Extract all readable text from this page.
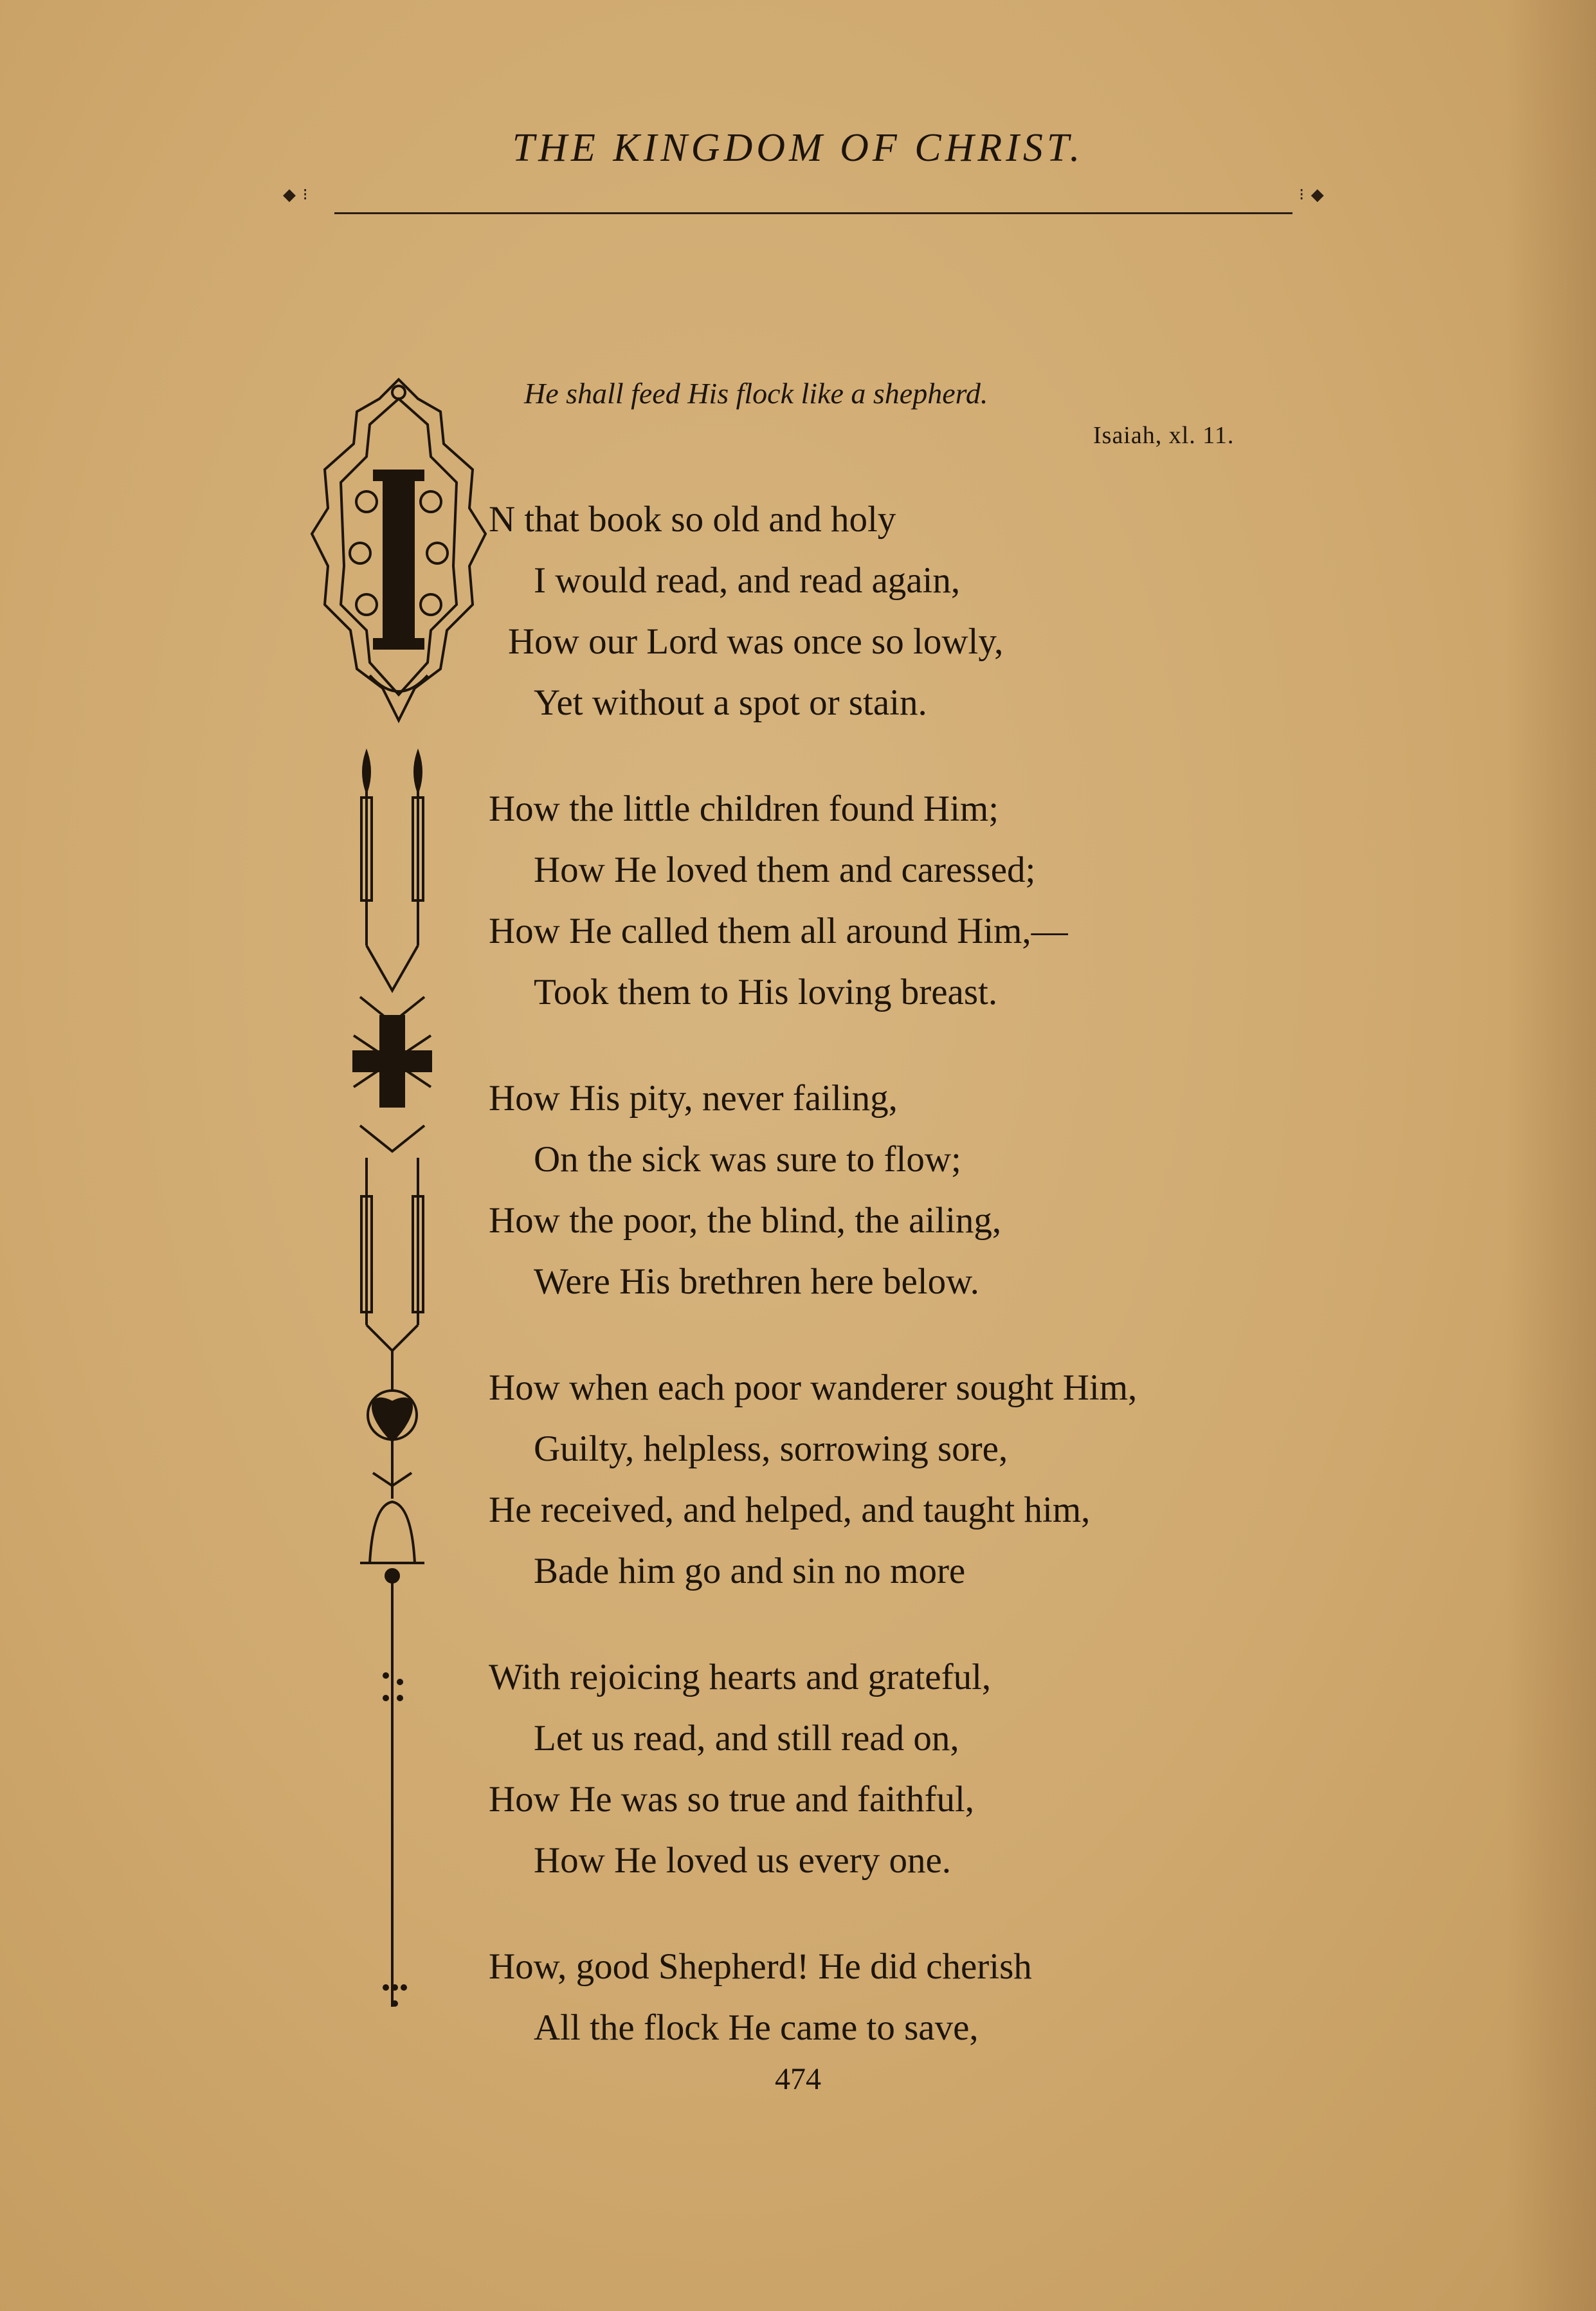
THE KINGDOM OF CHRIST.
◆ ⁝	⁝ ◆
He shall feed His flock like a shepherd.
Isaiah, xl. 11.
N that book so old and holy
I would read, and read again,
How our Lord was once so lowly,
Yet without a spot or stain.
How the little children found Him;
How He loved them and caressed;
How He called them all around Him,—
Took them to His loving breast.
How His pity, never failing,
On the sick was sure to flow;
How the poor, the blind, the ailing,
Were His brethren here below.
How when each poor wanderer sought Him,
Guilty, helpless, sorrowing sore,
He received, and helped, and taught him,
Bade him go and sin no more
With rejoicing hearts and grateful,
Let us read, and still read on,
How He was so true and faithful,
How He loved us every one.
How, good Shepherd! He did cherish
All the flock He came to save,
474
